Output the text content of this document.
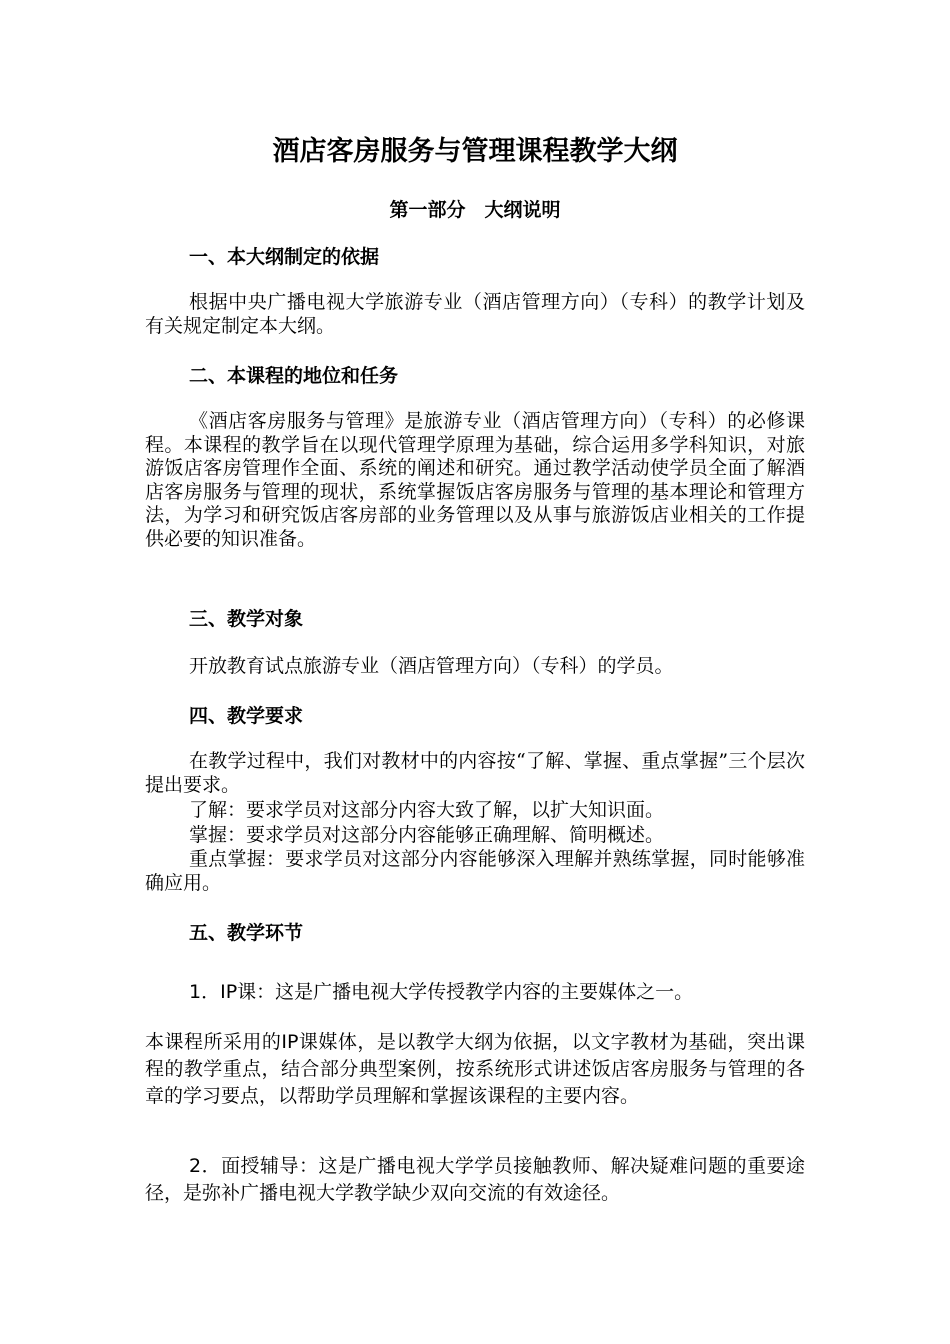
酒店客房服务与管理课程教学大纲
第一部分　大纲说明
一、本大纲制定的依据
根据中央广播电视大学旅游专业（酒店管理方向）（专科）的教学计划及有关规定制定本大纲。
二、本课程的地位和任务
《酒店客房服务与管理》是旅游专业（酒店管理方向）（专科）的必修课程。本课程的教学旨在以现代管理学原理为基础，综合运用多学科知识，对旅游饭店客房管理作全面、系统的阐述和研究。通过教学活动使学员全面了解酒店客房服务与管理的现状，系统掌握饭店客房服务与管理的基本理论和管理方法，为学习和研究饭店客房部的业务管理以及从事与旅游饭店业相关的工作提供必要的知识准备。
三、教学对象
开放教育试点旅游专业（酒店管理方向）（专科）的学员。
四、教学要求
在教学过程中，我们对教材中的内容按“了解、掌握、重点掌握”三个层次提出要求。
了解：要求学员对这部分内容大致了解，以扩大知识面。
掌握：要求学员对这部分内容能够正确理解、简明概述。
重点掌握：要求学员对这部分内容能够深入理解并熟练掌握，同时能够准确应用。
五、教学环节
1．IP课：这是广播电视大学传授教学内容的主要媒体之一。
本课程所采用的IP课媒体，是以教学大纲为依据，以文字教材为基础，突出课程的教学重点，结合部分典型案例，按系统形式讲述饭店客房服务与管理的各章的学习要点，以帮助学员理解和掌握该课程的主要内容。
2．面授辅导：这是广播电视大学学员接触教师、解决疑难问题的重要途径，是弥补广播电视大学教学缺少双向交流的有效途径。
